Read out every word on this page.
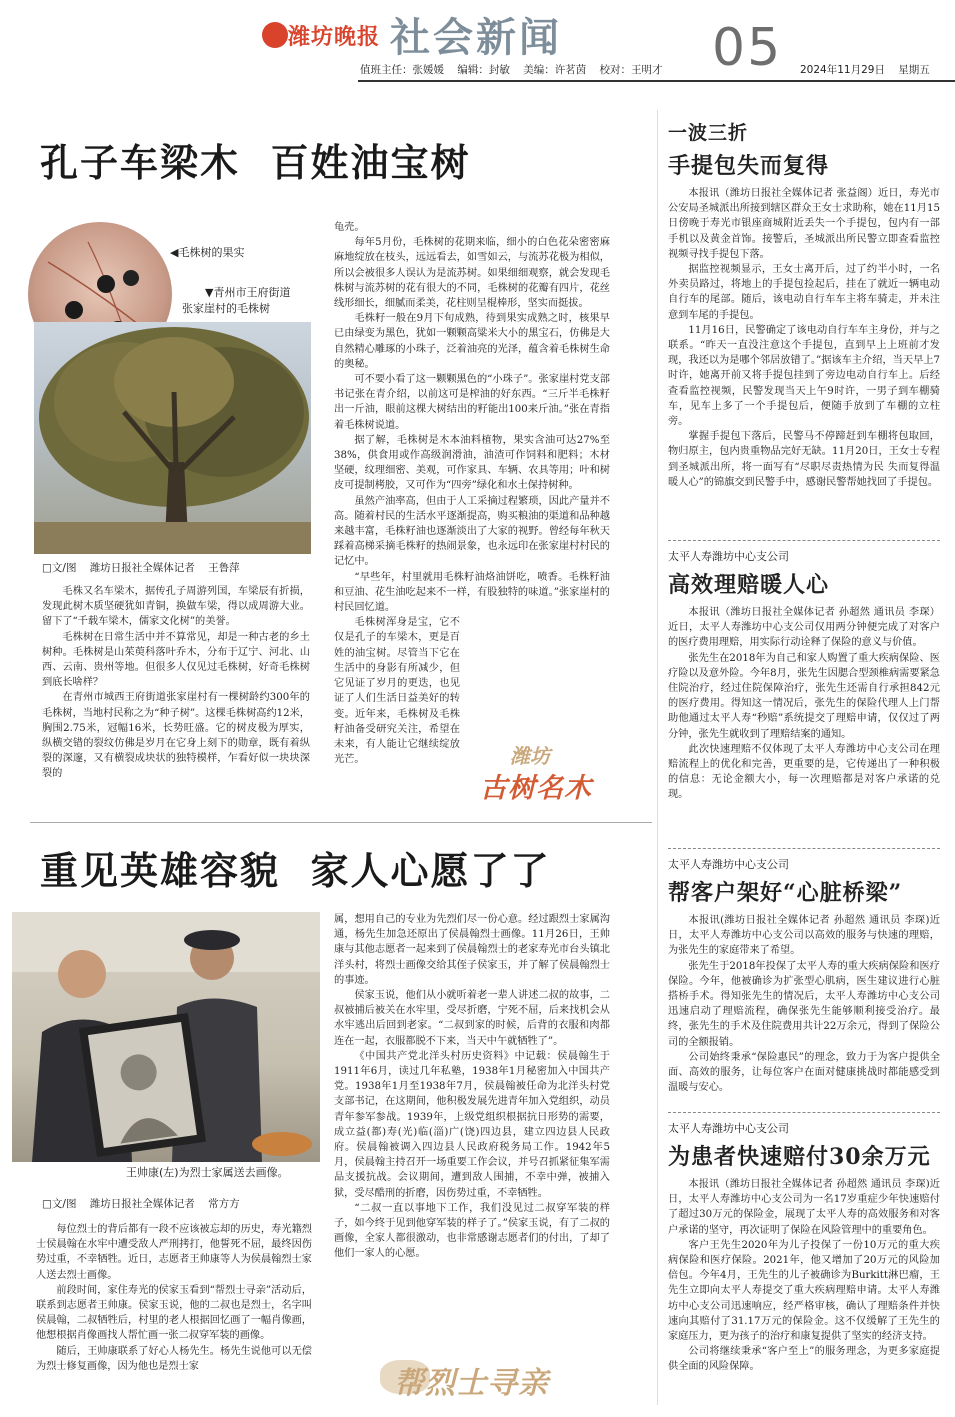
潍坊晚报 社会新闻	05
值班主任：张媛媛    编辑：封敏    美编：许茗茵    校对：王明才	2024年11月29日    星期五
孔子车梁木  百姓油宝树
◀毛株树的果实
▼青州市王府街道
张家崖村的毛株树
□文/图    潍坊日报社全媒体记者    王鲁萍

毛株又名车梁木，据传孔子周游列国，车梁辰有折损，发现此树木质坚硬犹如青铜，换做车梁，得以成周游大业。留下了“千载车梁木，儒家文化树”的美誉。

毛株树在日常生活中并不算常见，却是一种古老的乡土树种。毛株树是山茱萸科落叶乔木，分布于辽宁、河北、山西、云南、贵州等地。但很多人仅见过毛株树，好奇毛株树到底长啥样？

在青州市城西王府街道张家崖村有一棵树龄约300年的毛株树，当地村民称之为“种子树”。这棵毛株树高约12米，胸围2.75米，冠幅16米，长势旺盛。它的树皮极为厚实，纵横交错的裂纹仿佛是岁月在它身上刻下的勋章，既有着纵裂的深邃，又有横裂成块状的独特模样，乍看好似一块块深裂的

龟壳。

每年5月份，毛株树的花期来临，细小的白色花朵密密麻麻地绽放在枝头，远远看去，如雪如云，与流苏花极为相似，所以会被很多人误认为是流苏树。如果细细观察，就会发现毛株树与流苏树的花有很大的不同，毛株树的花瓣有四片，花丝线形细长，细腻而柔美，花柱则呈棍棒形，坚实而挺拔。

毛株籽一般在9月下旬成熟，待到果实成熟之时，核果早已由绿变为黑色，犹如一颗颗高粱米大小的黑宝石，仿佛是大自然精心雕琢的小珠子，泛着油亮的光泽，蕴含着毛株树生命的奥秘。

可不要小看了这一颗颗黑色的“小珠子”。张家崖村党支部书记张在青介绍，以前这可是榨油的好东西。“三斤半毛株籽出一斤油，眼前这棵大树结出的籽能出100来斤油。”张在青指着毛株树说道。

据了解，毛株树是木本油料植物，果实含油可达27%至38%，供食用或作高级润滑油，油渣可作饲料和肥料；木材坚硬，纹理细密、美观，可作家具、车辆、农具等用；叶和树皮可提制栲胶，又可作为“四旁”绿化和水土保持树种。

虽然产油率高，但由于人工采摘过程繁琐，因此产量并不高。随着村民的生活水平逐渐提高，购买粮油的渠道和品种越来越丰富，毛株籽油也逐渐淡出了大家的视野。曾经每年秋天踩着高梯采摘毛株籽的热闹景象，也永远印在张家崖村村民的记忆中。

“早些年，村里就用毛株籽油烙油饼吃，喷香。毛株籽油和豆油、花生油吃起来不一样，有股独特的味道。”张家崖村的村民回忆道。

毛株树浑身是宝，它不仅是孔子的车梁木，更是百姓的油宝树。尽管当下它在生活中的身影有所减少，但它见证了岁月的更迭，也见证了人们生活日益美好的转变。近年来，毛株树及毛株籽油备受研究关注，希望在未来，有人能让它继续绽放光芒。	潍坊
古树名木
重见英雄容貌  家人心愿了了
王帅康(左)为烈士家属送去画像。
□文/图    潍坊日报社全媒体记者    常方方

每位烈士的背后都有一段不应该被忘却的历史，寿光籍烈士侯晨翰在水牢中遭受敌人严刑拷打，他誓死不屈，最终因伤势过重，不幸牺牲。近日，志愿者王帅康等人为侯晨翰烈士家人送去烈士画像。

前段时间，家住寿光的侯家玉看到“帮烈士寻亲”活动后，联系到志愿者王帅康。侯家玉说，他的二叔也是烈士，名字叫侯晨翰，二叔牺牲后，村里的老人根据回忆画了一幅肖像画，他想根据肖像画找人帮忙画一张二叔穿军装的画像。

随后，王帅康联系了好心人杨先生。杨先生说他可以无偿为烈士修复画像，因为他也是烈士家

属，想用自己的专业为先烈们尽一份心意。经过跟烈士家属沟通，杨先生加急还原出了侯晨翰烈士画像。11月26日，王帅康与其他志愿者一起来到了侯晨翰烈士的老家寿光市台头镇北洋头村，将烈士画像交给其侄子侯家玉，并了解了侯晨翰烈士的事迹。

侯家玉说，他们从小就听着老一辈人讲述二叔的故事，二叔被捕后被关在水牢里，受尽折磨，宁死不屈，后来找机会从水牢逃出后回到老家。“二叔到家的时候，后背的衣服和肉都连在一起，衣服都脱不下来，当天中午就牺牲了”。

《中国共产党北洋头村历史资料》中记载：侯晨翰生于1911年6月，读过几年私塾，1938年1月秘密加入中国共产党。1938年1月至1938年7月，侯晨翰被任命为北洋头村党支部书记，在这期间，他积极发展先进青年加入党组织，动员青年参军参战。1939年，上级党组织根据抗日形势的需要，成立益(都)寿(光)临(淄)广(饶)四边县，建立四边县人民政府。侯晨翰被调入四边县人民政府税务局工作。1942年5月，侯晨翰主持召开一场重要工作会议，并号召抓紧征集军需品支援抗战。会议期间，遭到敌人围捕，不幸中弹，被捕入狱，受尽酷刑的折磨，因伤势过重，不幸牺牲。

“二叔一直以事地下工作，我们没见过二叔穿军装的样子，如今终于见到他穿军装的样子了。”侯家玉说，有了二叔的画像，全家人都很激动，也非常感谢志愿者们的付出，了却了他们一家人的心愿。

帮烈士寻亲
一波三折
手提包失而复得

本报讯（潍坊日报社全媒体记者 张益阁）近日，寿光市公安局圣城派出所接到辖区群众王女士求助称，她在11月15日傍晚于寿光市银座商城附近丢失一个手提包，包内有一部手机以及黄金首饰。接警后，圣城派出所民警立即查看监控视频寻找手提包下落。

据监控视频显示，王女士离开后，过了约半小时，一名外卖员路过，将地上的手提包捡起后，挂在了就近一辆电动自行车的尾部。随后，该电动自行车车主将车骑走，并未注意到车尾的手提包。

11月16日，民警确定了该电动自行车车主身份，并与之联系。“昨天一直没注意这个手提包，直到早上上班前才发现，我还以为是哪个邻居放错了。”据该车主介绍，当天早上7时许，她离开前又将手提包挂到了旁边电动自行车上。后经查看监控视频，民警发现当天上午9时许，一男子到车棚骑车，见车上多了一个手提包后，便随手放到了车棚的立柱旁。

掌握手提包下落后，民警马不停蹄赶到车棚将包取回，物归原主，包内贵重物品完好无缺。11月20日，王女士专程到圣城派出所，将一面写有“尽职尽责热情为民 失而复得温暖人心”的锦旗交到民警手中，感谢民警帮她找回了手提包。

太平人寿潍坊中心支公司
高效理赔暖人心

本报讯（潍坊日报社全媒体记者 孙超然 通讯员 李琛）近日，太平人寿潍坊中心支公司仅用两分钟便完成了对客户的医疗费用理赔，用实际行动诠释了保险的意义与价值。

张先生在2018年为自己和家人购置了重大疾病保险、医疗险以及意外险。今年8月，张先生因腮合型颈椎病需要紧急住院治疗，经过住院保障治疗，张先生还需自行承担842元的医疗费用。得知这一情况后，张先生的保险代理人上门帮助他通过太平人寿“秒赔”系统提交了理赔申请，仅仅过了两分钟，张先生就收到了理赔结案的通知。

此次快速理赔不仅体现了太平人寿潍坊中心支公司在理赔流程上的优化和完善，更重要的是，它传递出了一种积极的信息：无论金额大小，每一次理赔都是对客户承诺的兑现。

太平人寿潍坊中心支公司
帮客户架好“心脏桥梁”

本报讯(潍坊日报社全媒体记者 孙超然 通讯员 李琛)近日，太平人寿潍坊中心支公司以高效的服务与快速的理赔，为张先生的家庭带来了希望。

张先生于2018年投保了太平人寿的重大疾病保险和医疗保险。今年，他被确诊为扩张型心肌病，医生建议进行心脏搭桥手术。得知张先生的情况后，太平人寿潍坊中心支公司迅速启动了理赔流程，确保张先生能够顺利接受治疗。最终，张先生的手术及住院费用共计22万余元，得到了保险公司的全额报销。

公司始终秉承“保险惠民”的理念，致力于为客户提供全面、高效的服务，让每位客户在面对健康挑战时都能感受到温暖与安心。

太平人寿潍坊中心支公司
为患者快速赔付30余万元

本报讯（潍坊日报社全媒体记者 孙超然 通讯员 李琛)近日，太平人寿潍坊中心支公司为一名17岁重症少年快速赔付了超过30万元的保险金，展现了太平人寿的高效服务和对客户承诺的坚守，再次证明了保险在风险管理中的重要角色。

客户王先生2020年为儿子投保了一份10万元的重大疾病保险和医疗保险。2021年，他又增加了20万元的风险加倍包。今年4月，王先生的儿子被确诊为Burkitt淋巴瘤，王先生立即向太平人寿提交了重大疾病理赔申请。太平人寿潍坊中心支公司迅速响应，经严格审核，确认了理赔条件并快速向其赔付了31.17万元的保险金。这不仅缓解了王先生的家庭压力，更为孩子的治疗和康复提供了坚实的经济支持。

公司将继续秉承“客户至上”的服务理念，为更多家庭提供全面的风险保障。
